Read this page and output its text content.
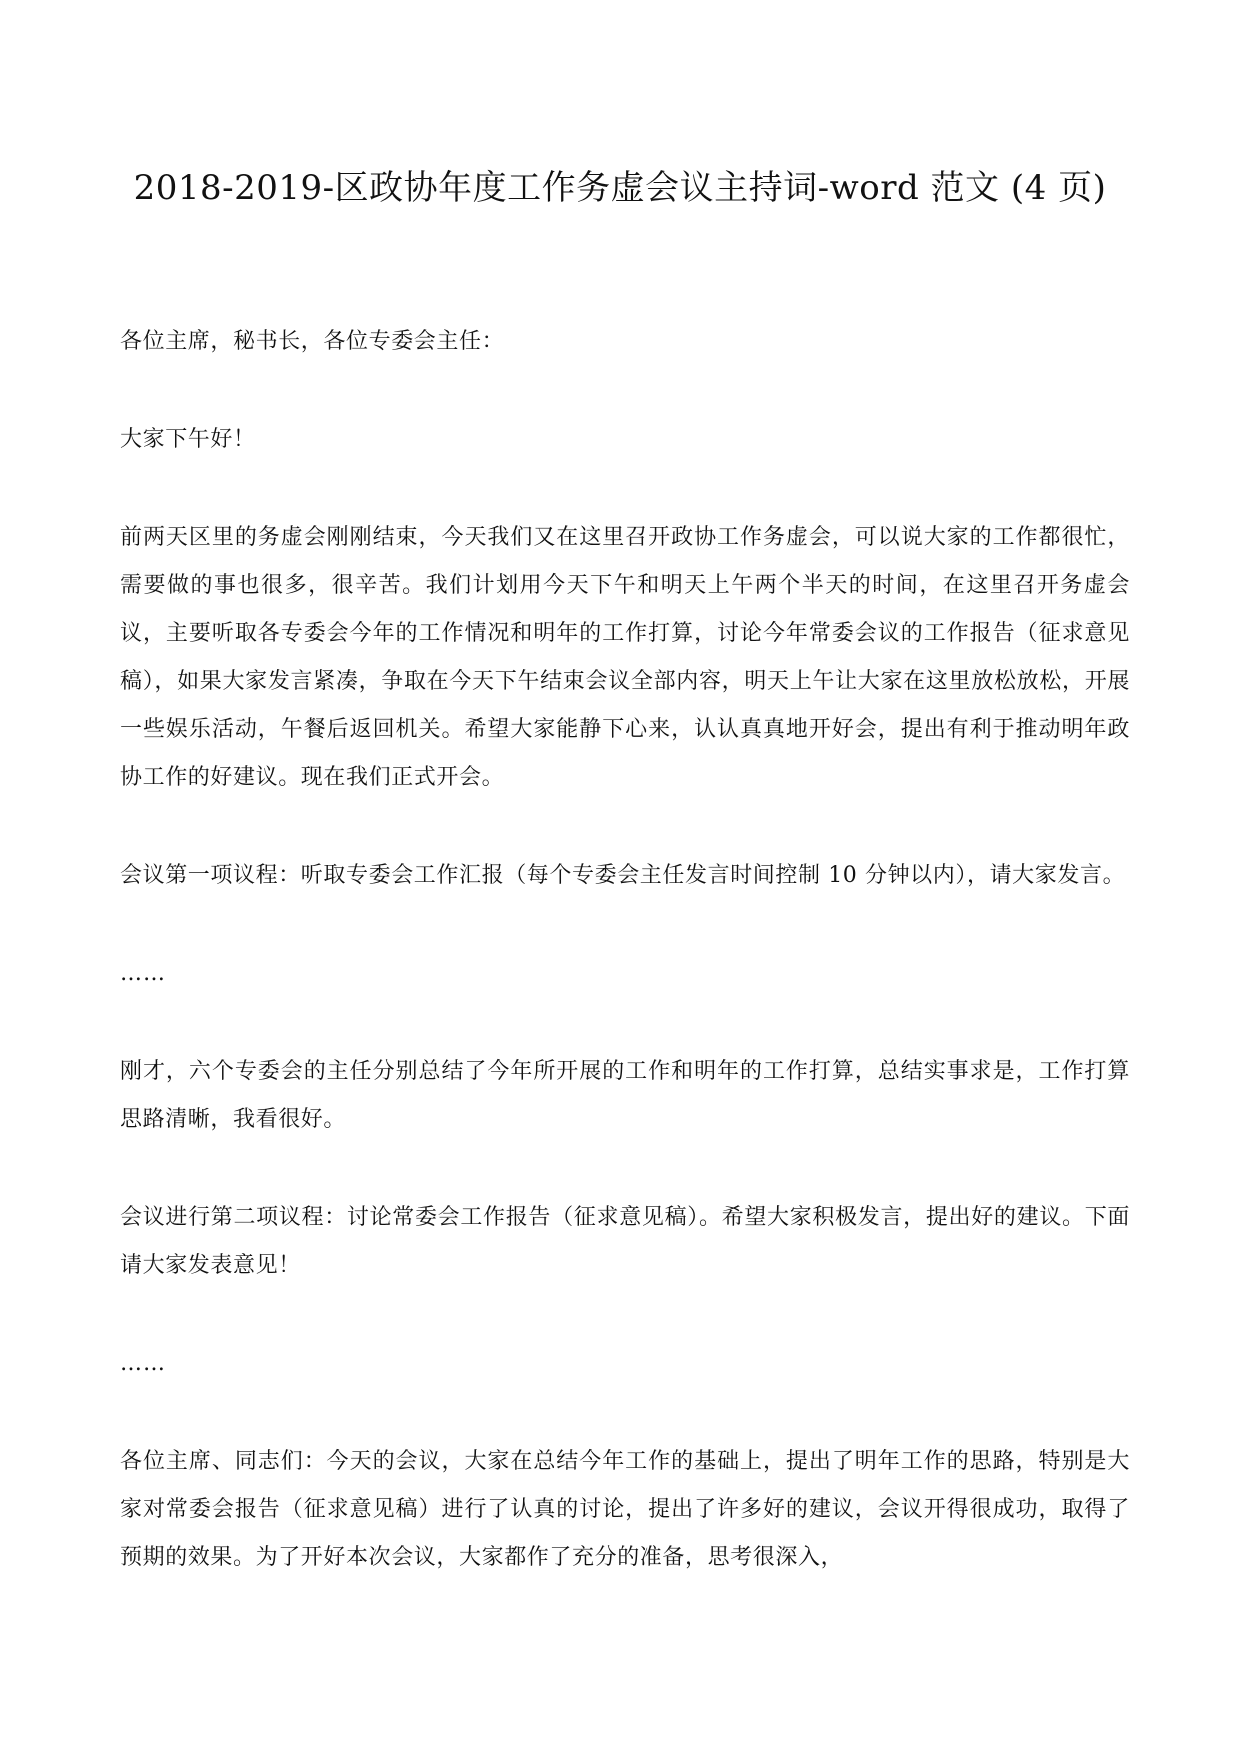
2018-2019-区政协年度工作务虚会议主持词-word 范文 (4 页)

各位主席，秘书长，各位专委会主任：

大家下午好！

前两天区里的务虚会刚刚结束，今天我们又在这里召开政协工作务虚会，可以说大家的工作都很忙，需要做的事也很多，很辛苦。我们计划用今天下午和明天上午两个半天的时间，在这里召开务虚会议，主要听取各专委会今年的工作情况和明年的工作打算，讨论今年常委会议的工作报告（征求意见稿），如果大家发言紧凑，争取在今天下午结束会议全部内容，明天上午让大家在这里放松放松，开展一些娱乐活动，午餐后返回机关。希望大家能静下心来，认认真真地开好会，提出有利于推动明年政协工作的好建议。现在我们正式开会。

会议第一项议程：听取专委会工作汇报（每个专委会主任发言时间控制 10 分钟以内），请大家发言。

……

刚才，六个专委会的主任分别总结了今年所开展的工作和明年的工作打算，总结实事求是，工作打算思路清晰，我看很好。

会议进行第二项议程：讨论常委会工作报告（征求意见稿）。希望大家积极发言，提出好的建议。下面请大家发表意见！

……

各位主席、同志们：今天的会议，大家在总结今年工作的基础上，提出了明年工作的思路，特别是大家对常委会报告（征求意见稿）进行了认真的讨论，提出了许多好的建议，会议开得很成功，取得了预期的效果。为了开好本次会议，大家都作了充分的准备，思考很深入，
